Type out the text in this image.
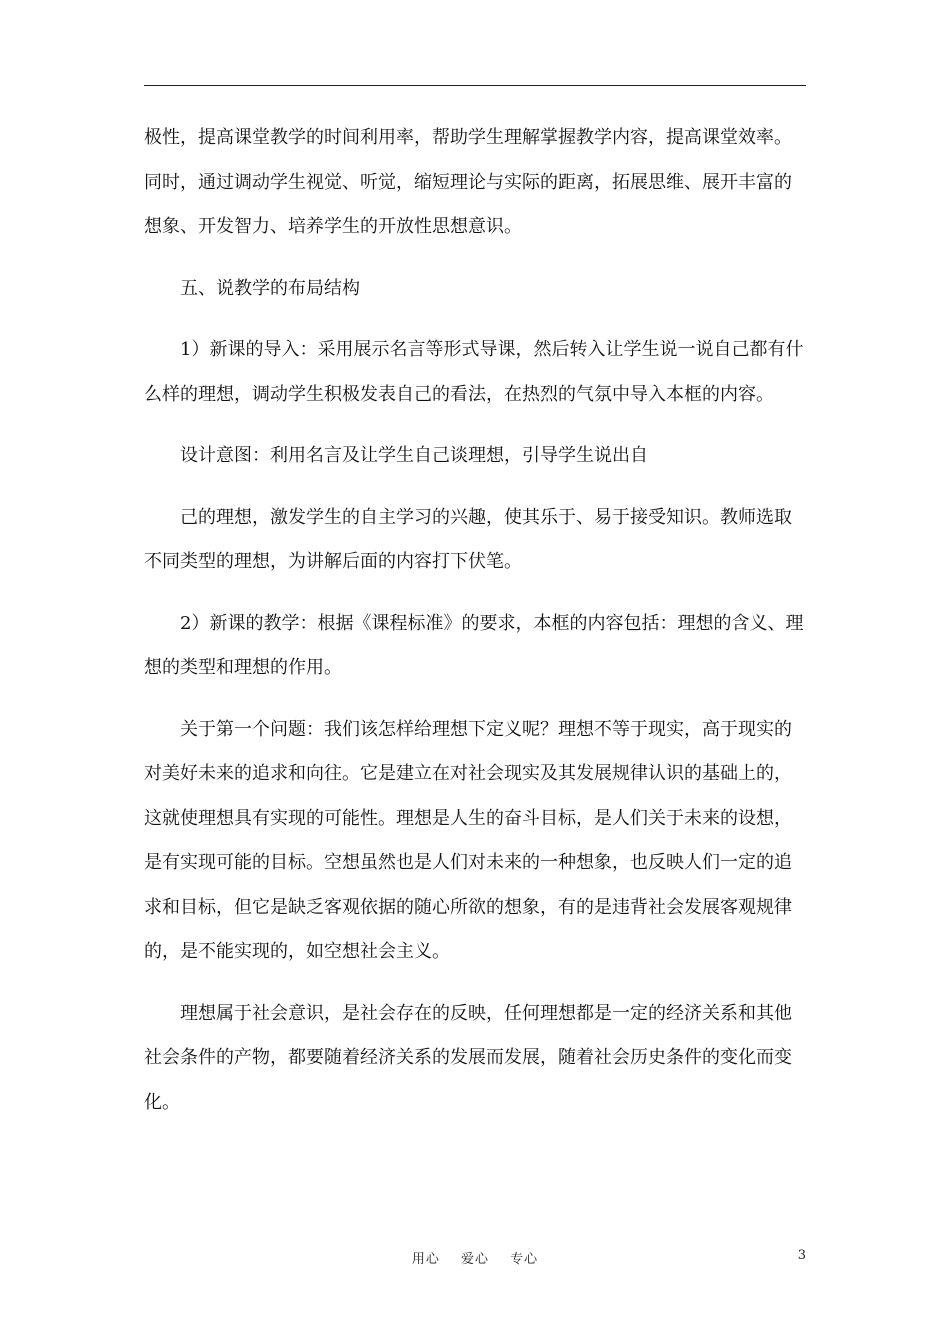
极性，提高课堂教学的时间利用率，帮助学生理解掌握教学内容，提高课堂效率。同时，通过调动学生视觉、听觉，缩短理论与实际的距离，拓展思维、展开丰富的想象、开发智力、培养学生的开放性思想意识。

五、说教学的布局结构

1）新课的导入：采用展示名言等形式导课，然后转入让学生说一说自己都有什么样的理想，调动学生积极发表自己的看法，在热烈的气氛中导入本框的内容。

设计意图：利用名言及让学生自己谈理想，引导学生说出自

己的理想，激发学生的自主学习的兴趣，使其乐于、易于接受知识。教师选取不同类型的理想，为讲解后面的内容打下伏笔。

2）新课的教学：根据《课程标准》的要求，本框的内容包括：理想的含义、理想的类型和理想的作用。

关于第一个问题：我们该怎样给理想下定义呢？理想不等于现实，高于现实的对美好未来的追求和向往。它是建立在对社会现实及其发展规律认识的基础上的，这就使理想具有实现的可能性。理想是人生的奋斗目标，是人们关于未来的设想，是有实现可能的目标。空想虽然也是人们对未来的一种想象，也反映人们一定的追求和目标，但它是缺乏客观依据的随心所欲的想象，有的是违背社会发展客观规律的，是不能实现的，如空想社会主义。

理想属于社会意识，是社会存在的反映，任何理想都是一定的经济关系和其他社会条件的产物，都要随着经济关系的发展而发展，随着社会历史条件的变化而变化。

用心 爱心 专心	3
